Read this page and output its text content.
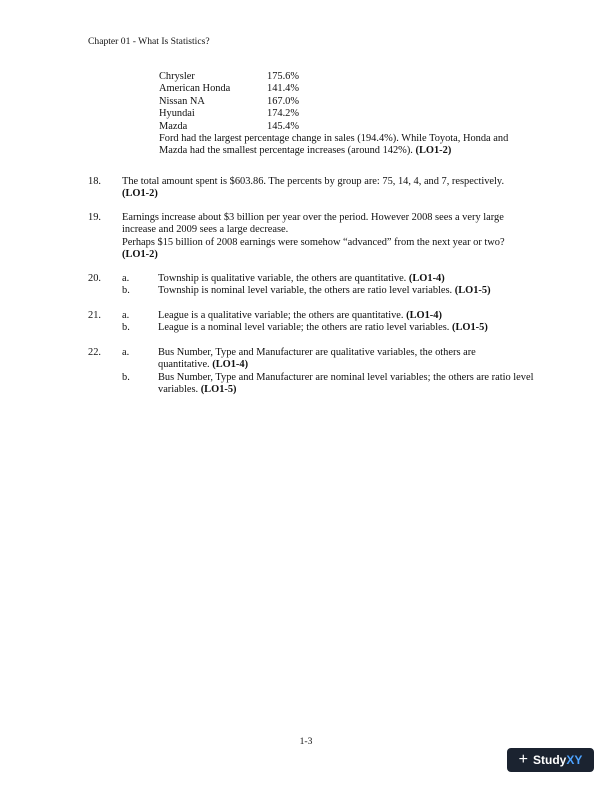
Chapter 01 - What Is Statistics?
Chrysler	175.6%
American Honda	141.4%
Nissan NA	167.0%
Hyundai	174.2%
Mazda	145.4%
Ford had the largest percentage change in sales (194.4%). While Toyota, Honda and Mazda had the smallest percentage increases (around 142%). (LO1-2)
18. The total amount spent is $603.86. The percents by group are: 75, 14, 4, and 7, respectively.
(LO1-2)
19. Earnings increase about $3 billion per year over the period. However 2008 sees a very large increase and 2009 sees a large decrease.
Perhaps $15 billion of 2008 earnings were somehow “advanced” from the next year or two?
(LO1-2)
20. a.	Township is qualitative variable, the others are quantitative. (LO1-4)
b.	Township is nominal level variable, the others are ratio level variables. (LO1-5)
21. a.	League is a qualitative variable; the others are quantitative. (LO1-4)
b.	League is a nominal level variable; the others are ratio level variables. (LO1-5)
22. a.	Bus Number, Type and Manufacturer are qualitative variables, the others are quantitative. (LO1-4)
b.	Bus Number, Type and Manufacturer are nominal level variables; the others are ratio level variables. (LO1-5)
1-3
+ StudyXY
